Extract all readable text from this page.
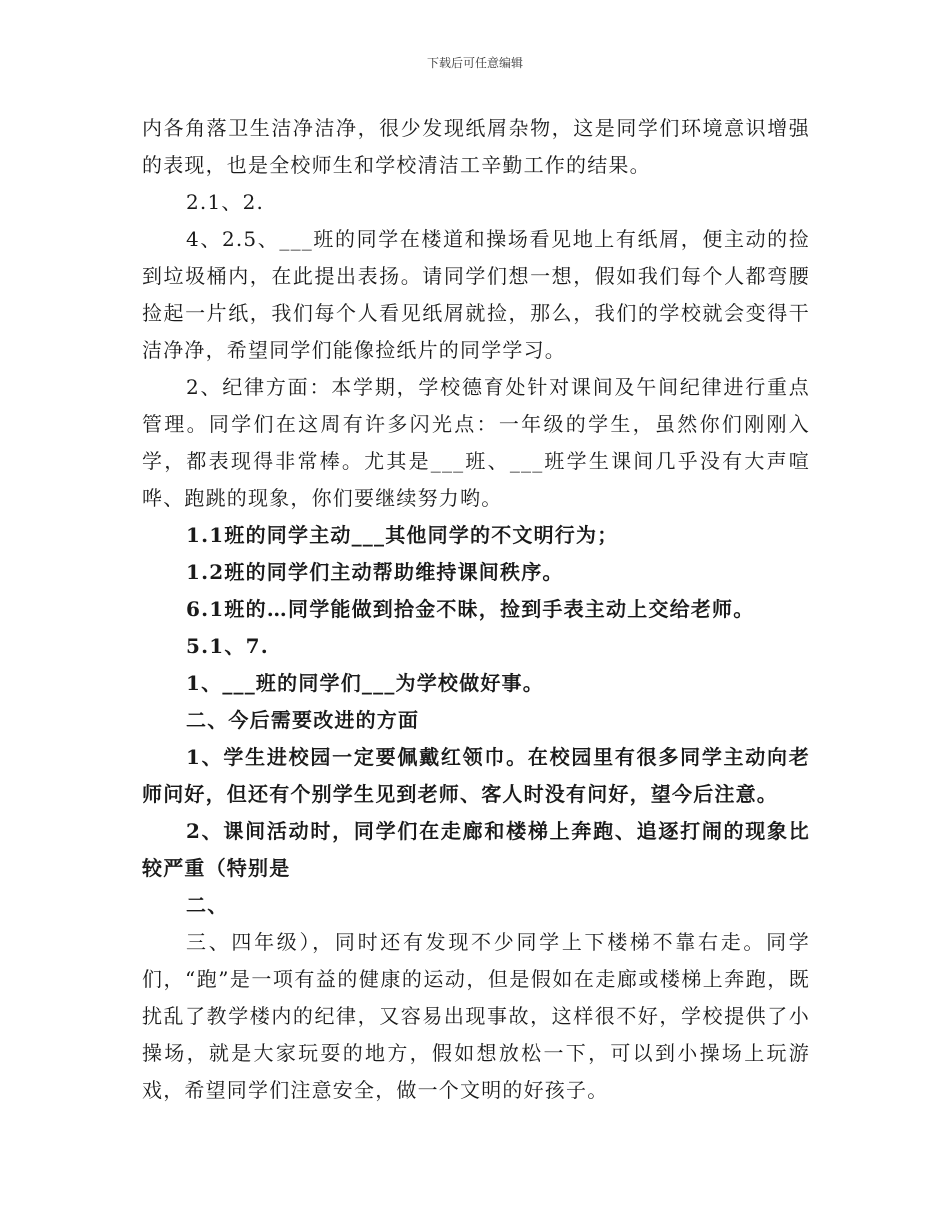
下载后可任意编辑

内各角落卫生洁净洁净，很少发现纸屑杂物，这是同学们环境意识增强的表现，也是全校师生和学校清洁工辛勤工作的结果。

2.1、2.

4、2.5、___班的同学在楼道和操场看见地上有纸屑，便主动的捡到垃圾桶内，在此提出表扬。请同学们想一想，假如我们每个人都弯腰捡起一片纸，我们每个人看见纸屑就捡，那么，我们的学校就会变得干洁净净，希望同学们能像捡纸片的同学学习。

2、纪律方面：本学期，学校德育处针对课间及午间纪律进行重点管理。同学们在这周有许多闪光点：一年级的学生，虽然你们刚刚入学，都表现得非常棒。尤其是___班、___班学生课间几乎没有大声喧哗、跑跳的现象，你们要继续努力哟。

1.1班的同学主动___其他同学的不文明行为；

1.2班的同学们主动帮助维持课间秩序。

6.1班的…同学能做到拾金不昧，捡到手表主动上交给老师。

5.1、7.

1、___班的同学们___为学校做好事。

二、今后需要改进的方面

1、学生进校园一定要佩戴红领巾。在校园里有很多同学主动向老师问好，但还有个别学生见到老师、客人时没有问好，望今后注意。

2、课间活动时，同学们在走廊和楼梯上奔跑、追逐打闹的现象比较严重（特别是

二、

三、四年级），同时还有发现不少同学上下楼梯不靠右走。同学们，“跑”是一项有益的健康的运动，但是假如在走廊或楼梯上奔跑，既扰乱了教学楼内的纪律，又容易出现事故，这样很不好，学校提供了小操场，就是大家玩耍的地方，假如想放松一下，可以到小操场上玩游戏，希望同学们注意安全，做一个文明的好孩子。
